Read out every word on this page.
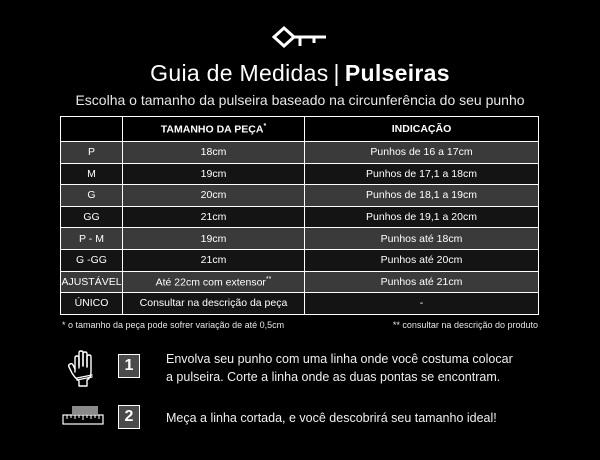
Guia de Medidas | Pulseiras
Escolha o tamanho da pulseira baseado na circunferência do seu punho
	TAMANHO DA PEÇA*	INDICAÇÃO
P	18cm	Punhos de 16 a 17cm
M	19cm	Punhos de 17,1 a 18cm
G	20cm	Punhos de 18,1 a 19cm
GG	21cm	Punhos de 19,1 a 20cm
P - M	19cm	Punhos até 18cm
G -GG	21cm	Punhos até 20cm
AJUSTÁVEL	Até 22cm com extensor**	Punhos até 21cm
ÚNICO	Consultar na descrição da peça	-
* o tamanho da peça pode sofrer variação de até 0,5cm	** consultar na descrição do produto
1	Envolva seu punho com uma linha onde você costuma colocar
a pulseira. Corte a linha onde as duas pontas se encontram.
2	Meça a linha cortada, e você descobrirá seu tamanho ideal!
